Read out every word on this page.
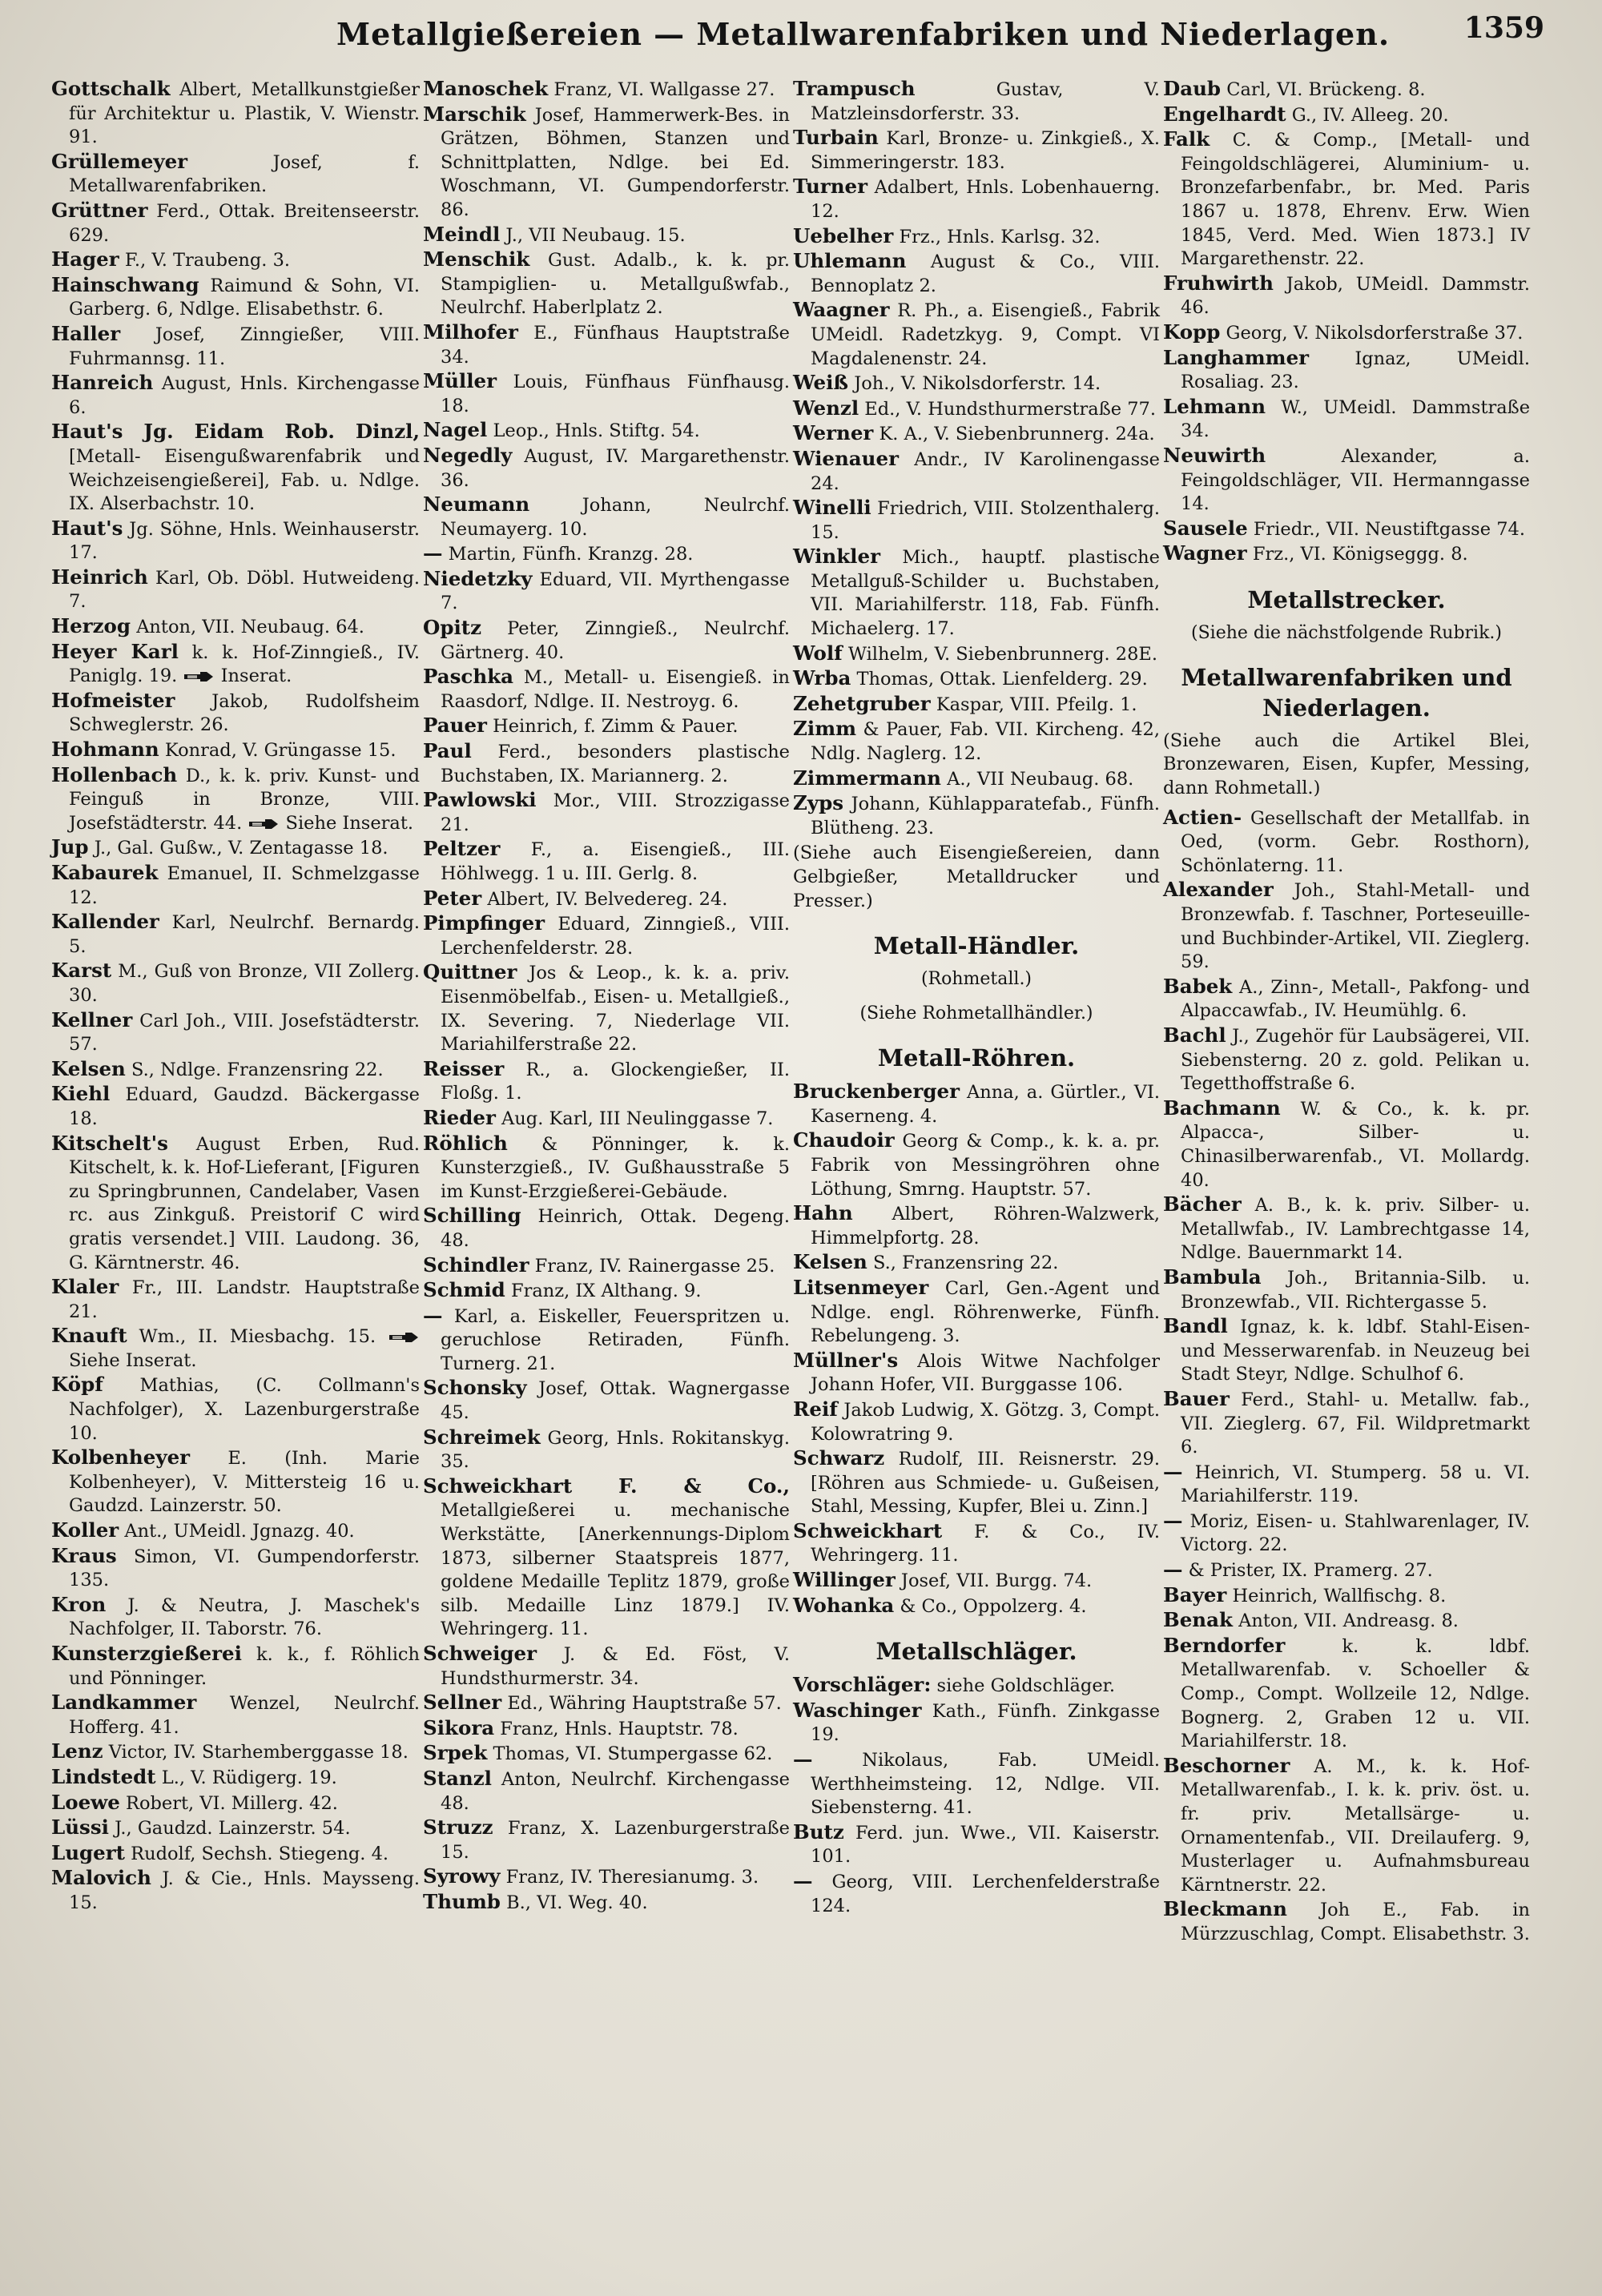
Metallgießereien — Metallwarenfabriken und Niederlagen.	1359

Gottschalk Albert, Metallkunstgießer für Architektur u. Plastik, V. Wienstr. 91.

Grüllemeyer	Josef, f. Metallwarenfabriken.

Grüttner Ferd., Ottak. Breitenseerstr. 629.

Hager F., V. Traubeng. 3.

Hainschwang Raimund & Sohn, VI. Garberg. 6, Ndlge. Elisabethstr. 6.

Haller Josef, Zinngießer, VIII. Fuhrmannsg. 11.

Hanreich August, Hnls. Kirchengasse 6.

Haut's Jg. Eidam Rob. Dinzl, [Metall- Eisengußwarenfabrik und Weichzeisengießerei], Fab. u. Ndlge. IX. Alserbachstr. 10.

Haut's Jg. Söhne, Hnls. Weinhauserstr. 17.

Heinrich Karl, Ob. Döbl. Hutweideng. 7.

Herzog Anton, VII. Neubaug. 64.

Heyer Karl k. k. Hof-Zinngieß., IV. Paniglg. 19. Inserat.

Hofmeister Jakob, Rudolfsheim Schweglerstr. 26.

Hohmann Konrad, V. Grüngasse 15.

Hollenbach D., k. k. priv. Kunst- und Feinguß in Bronze, VIII. Josefstädterstr. 44. Siehe Inserat.

Jup J., Gal. Gußw., V. Zentagasse 18.

Kabaurek Emanuel, II. Schmelzgasse 12.

Kallender Karl, Neulrchf. Bernardg. 5.

Karst M., Guß von Bronze, VII Zollerg. 30.

Kellner Carl Joh., VIII. Josefstädterstr. 57.

Kelsen S., Ndlge. Franzensring 22.

Kiehl Eduard, Gaudzd. Bäckergasse 18.

Kitschelt's August Erben, Rud. Kitschelt, k. k. Hof-Lieferant, [Figuren zu Springbrunnen, Candelaber, Vasen rc. aus Zinkguß. Preistorif C wird gratis versendet.] VIII. Laudong. 36, G. Kärntnerstr. 46.

Klaler Fr., III. Landstr. Hauptstraße 21.

Knauft Wm., II. Miesbachg. 15.
Siehe Inserat.

Köpf Mathias, (C. Collmann's Nachfolger), X. Lazenburgerstraße 10.

Kolbenheyer E. (Inh. Marie Kolbenheyer), V. Mittersteig 16 u. Gaudzd. Lainzerstr. 50.

Koller Ant., UMeidl. Jgnazg. 40.

Kraus Simon, VI. Gumpendorferstr. 135.

Kron J. & Neutra, J. Maschek's Nachfolger, II. Taborstr. 76.

Kunsterzgießerei k. k., f. Röhlich und Pönninger.

Landkammer Wenzel, Neulrchf. Hofferg. 41.

Lenz Victor, IV. Starhemberggasse 18.

Lindstedt L., V. Rüdigerg. 19.

Loewe Robert, VI. Millerg. 42.

Lüssi J., Gaudzd. Lainzerstr. 54.

Lugert Rudolf, Sechsh. Stiegeng. 4.

Malovich J. & Cie., Hnls. Maysseng. 15.

Manoschek Franz, VI. Wallgasse 27.

Marschik Josef, Hammerwerk-Bes. in Grätzen, Böhmen, Stanzen und Schnittplatten, Ndlge. bei Ed. Woschmann, VI. Gumpendorferstr. 86.

Meindl J., VII Neubaug. 15.

Menschik Gust. Adalb., k. k. pr. Stampiglien- u. Metallgußwfab., Neulrchf. Haberlplatz 2.

Milhofer E., Fünfhaus Hauptstraße 34.

Müller Louis, Fünfhaus Fünfhausg. 18.

Nagel Leop., Hnls. Stiftg. 54.

Negedly August, IV. Margarethenstr. 36.

Neumann	Johann, Neulrchf. Neumayerg. 10.

— Martin, Fünfh. Kranzg. 28.

Niedetzky Eduard, VII. Myrthengasse 7.

Opitz Peter, Zinngieß., Neulrchf. Gärtnerg. 40.

Paschka M., Metall- u. Eisengieß. in Raasdorf, Ndlge. II. Nestroyg. 6.

Pauer Heinrich, f. Zimm & Pauer.

Paul Ferd., besonders plastische Buchstaben, IX. Mariannerg. 2.

Pawlowski Mor., VIII. Strozzigasse 21.

Peltzer F., a. Eisengieß., III. Höhlwegg. 1 u. III. Gerlg. 8.

Peter Albert, IV. Belvedereg. 24.

Pimpfinger Eduard, Zinngieß., VIII. Lerchenfelderstr. 28.

Quittner Jos & Leop., k. k. a. priv. Eisenmöbelfab., Eisen- u. Metallgieß., IX. Severing. 7, Niederlage VII. Mariahilferstraße 22.

Reisser R., a. Glockengießer, II. Floßg. 1.

Rieder Aug. Karl, III Neulinggasse 7.

Röhlich & Pönninger, k. k. Kunsterzgieß., IV. Gußhausstraße 5 im Kunst-Erzgießerei-Gebäude.

Schilling Heinrich, Ottak. Degeng. 48.

Schindler Franz, IV. Rainergasse 25.

Schmid Franz, IX Althang. 9.

— Karl, a. Eiskeller, Feuerspritzen u. geruchlose Retiraden, Fünfh. Turnerg. 21.

Schonsky Josef, Ottak. Wagnergasse 45.

Schreimek Georg, Hnls. Rokitanskyg. 35.

Schweickhart F. & Co., Metallgießerei u. mechanische Werkstätte, [Anerkennungs-Diplom 1873, silberner Staatspreis 1877, goldene Medaille Teplitz 1879, große silb. Medaille Linz 1879.] IV. Wehringerg. 11.

Schweiger J. & Ed. Föst, V. Hundsthurmerstr. 34.

Sellner Ed., Währing Hauptstraße 57.

Sikora Franz, Hnls. Hauptstr. 78.

Srpek Thomas, VI. Stumpergasse 62.

Stanzl Anton, Neulrchf. Kirchengasse 48.

Struzz Franz, X. Lazenburgerstraße 15.

Syrowy Franz, IV. Theresianumg. 3.

Thumb B., VI. Weg. 40.

Trampusch	Gustav, V. Matzleinsdorferstr. 33.

Turbain Karl, Bronze- u. Zinkgieß., X. Simmeringerstr. 183.

Turner Adalbert, Hnls. Lobenhauerng. 12.

Uebelher Frz., Hnls. Karlsg. 32.

Uhlemann August & Co., VIII. Bennoplatz 2.

Waagner R. Ph., a. Eisengieß., Fabrik UMeidl. Radetzkyg. 9, Compt. VI Magdalenenstr. 24.

Weiß Joh., V. Nikolsdorferstr. 14.

Wenzl Ed., V. Hundsthurmerstraße 77.

Werner K. A., V. Siebenbrunnerg. 24a.

Wienauer Andr., IV Karolinengasse 24.

Winelli Friedrich, VIII. Stolzenthalerg. 15.

Winkler Mich., hauptf. plastische Metallguß-Schilder u. Buchstaben, VII. Mariahilferstr. 118, Fab. Fünfh. Michaelerg. 17.

Wolf Wilhelm, V. Siebenbrunnerg. 28E.

Wrba Thomas, Ottak. Lienfelderg. 29.

Zehetgruber Kaspar, VIII. Pfeilg. 1.

Zimm & Pauer, Fab. VII. Kircheng. 42, Ndlg. Naglerg. 12.

Zimmermann A., VII Neubaug. 68.

Zyps Johann, Kühlapparatefab., Fünfh. Blütheng. 23.

(Siehe auch Eisengießereien, dann Gelbgießer, Metalldrucker und Presser.)

Metall-Händler.
(Rohmetall.)
(Siehe Rohmetallhändler.)
Metall-Röhren.

Bruckenberger Anna, a. Gürtler., VI. Kaserneng. 4.

Chaudoir Georg & Comp., k. k. a. pr. Fabrik von Messingröhren ohne Löthung, Smrng. Hauptstr. 57.

Hahn Albert, Röhren-Walzwerk, Himmelpfortg. 28.

Kelsen S., Franzensring 22.

Litsenmeyer Carl, Gen.-Agent und Ndlge. engl. Röhrenwerke, Fünfh. Rebelungeng. 3.

Müllner's Alois Witwe Nachfolger Johann Hofer, VII. Burggasse 106.

Reif Jakob Ludwig, X. Götzg. 3, Compt. Kolowratring 9.

Schwarz Rudolf, III. Reisnerstr. 29. [Röhren aus Schmiede- u. Gußeisen, Stahl, Messing, Kupfer, Blei u. Zinn.]

Schweickhart F. & Co., IV. Wehringerg. 11.

Willinger Josef, VII. Burgg. 74.

Wohanka & Co., Oppolzerg. 4.

Metallschläger.

Vorschläger: siehe Goldschläger.

Waschinger Kath., Fünfh. Zinkgasse 19.

—	Nikolaus, Fab. UMeidl. Werthheimsteing. 12, Ndlge. VII. Siebensterng. 41.

Butz Ferd. jun. Wwe., VII. Kaiserstr. 101.

— Georg, VIII. Lerchenfelderstraße 124.

Daub Carl, VI. Brückeng. 8.

Engelhardt G., IV. Alleeg. 20.

Falk C. & Comp., [Metall- und Feingoldschlägerei, Aluminium- u. Bronzefarbenfabr., br. Med. Paris 1867 u. 1878, Ehrenv. Erw. Wien 1845, Verd. Med. Wien 1873.] IV Margarethenstr. 22.

Fruhwirth Jakob, UMeidl. Dammstr. 46.

Kopp Georg, V. Nikolsdorferstraße 37.

Langhammer	Ignaz, UMeidl. Rosaliag. 23.

Lehmann W., UMeidl. Dammstraße 34.

Neuwirth	Alexander, a. Feingoldschläger, VII. Hermanngasse 14.

Sausele Friedr., VII. Neustiftgasse 74.

Wagner Frz., VI. Königseggg. 8.

Metallstrecker.
(Siehe die nächstfolgende Rubrik.)
Metallwarenfabriken und Niederlagen.

(Siehe auch die Artikel Blei, Bronzewaren, Eisen, Kupfer, Messing, dann Rohmetall.)

Actien- Gesellschaft der Metallfab. in Oed, (vorm. Gebr. Rosthorn), Schönlaterng. 11.

Alexander Joh., Stahl-Metall- und Bronzewfab. f. Taschner, Porteseuille- und Buchbinder-Artikel, VII. Zieglerg. 59.

Babek A., Zinn-, Metall-, Pakfong- und Alpaccawfab., IV. Heumühlg. 6.

Bachl J., Zugehör für Laubsägerei, VII. Siebensterng. 20 z. gold. Pelikan u. Tegetthoffstraße 6.

Bachmann W. & Co., k. k. pr. Alpacca-, Silber- u. Chinasilberwarenfab., VI. Mollardg. 40.

Bächer A. B., k. k. priv. Silber- u. Metallwfab., IV. Lambrechtgasse 14, Ndlge. Bauernmarkt 14.

Bambula Joh., Britannia-Silb. u. Bronzewfab., VII. Richtergasse 5.

Bandl Ignaz, k. k. ldbf. Stahl-Eisen- und Messerwarenfab. in Neuzeug bei Stadt Steyr, Ndlge. Schulhof 6.

Bauer Ferd., Stahl- u. Metallw. fab., VII. Zieglerg. 67, Fil. Wildpretmarkt 6.

— Heinrich, VI. Stumperg. 58 u. VI. Mariahilferstr. 119.

— Moriz, Eisen- u. Stahlwarenlager, IV. Victorg. 22.

— & Prister, IX. Pramerg. 27.

Bayer Heinrich, Wallfischg. 8.

Benak Anton, VII. Andreasg. 8.

Berndorfer	k. k. ldbf. Metallwarenfab. v. Schoeller & Comp., Compt. Wollzeile 12, Ndlge. Bognerg. 2, Graben 12 u. VII. Mariahilferstr. 18.

Beschorner A. M., k. k. Hof-Metallwarenfab., I. k. k. priv. öst. u. fr. priv. Metallsärge- u. Ornamentenfab., VII. Dreilauferg. 9, Musterlager u. Aufnahmsbureau Kärntnerstr. 22.

Bleckmann Joh E., Fab. in Mürzzuschlag, Compt. Elisabethstr. 3.
